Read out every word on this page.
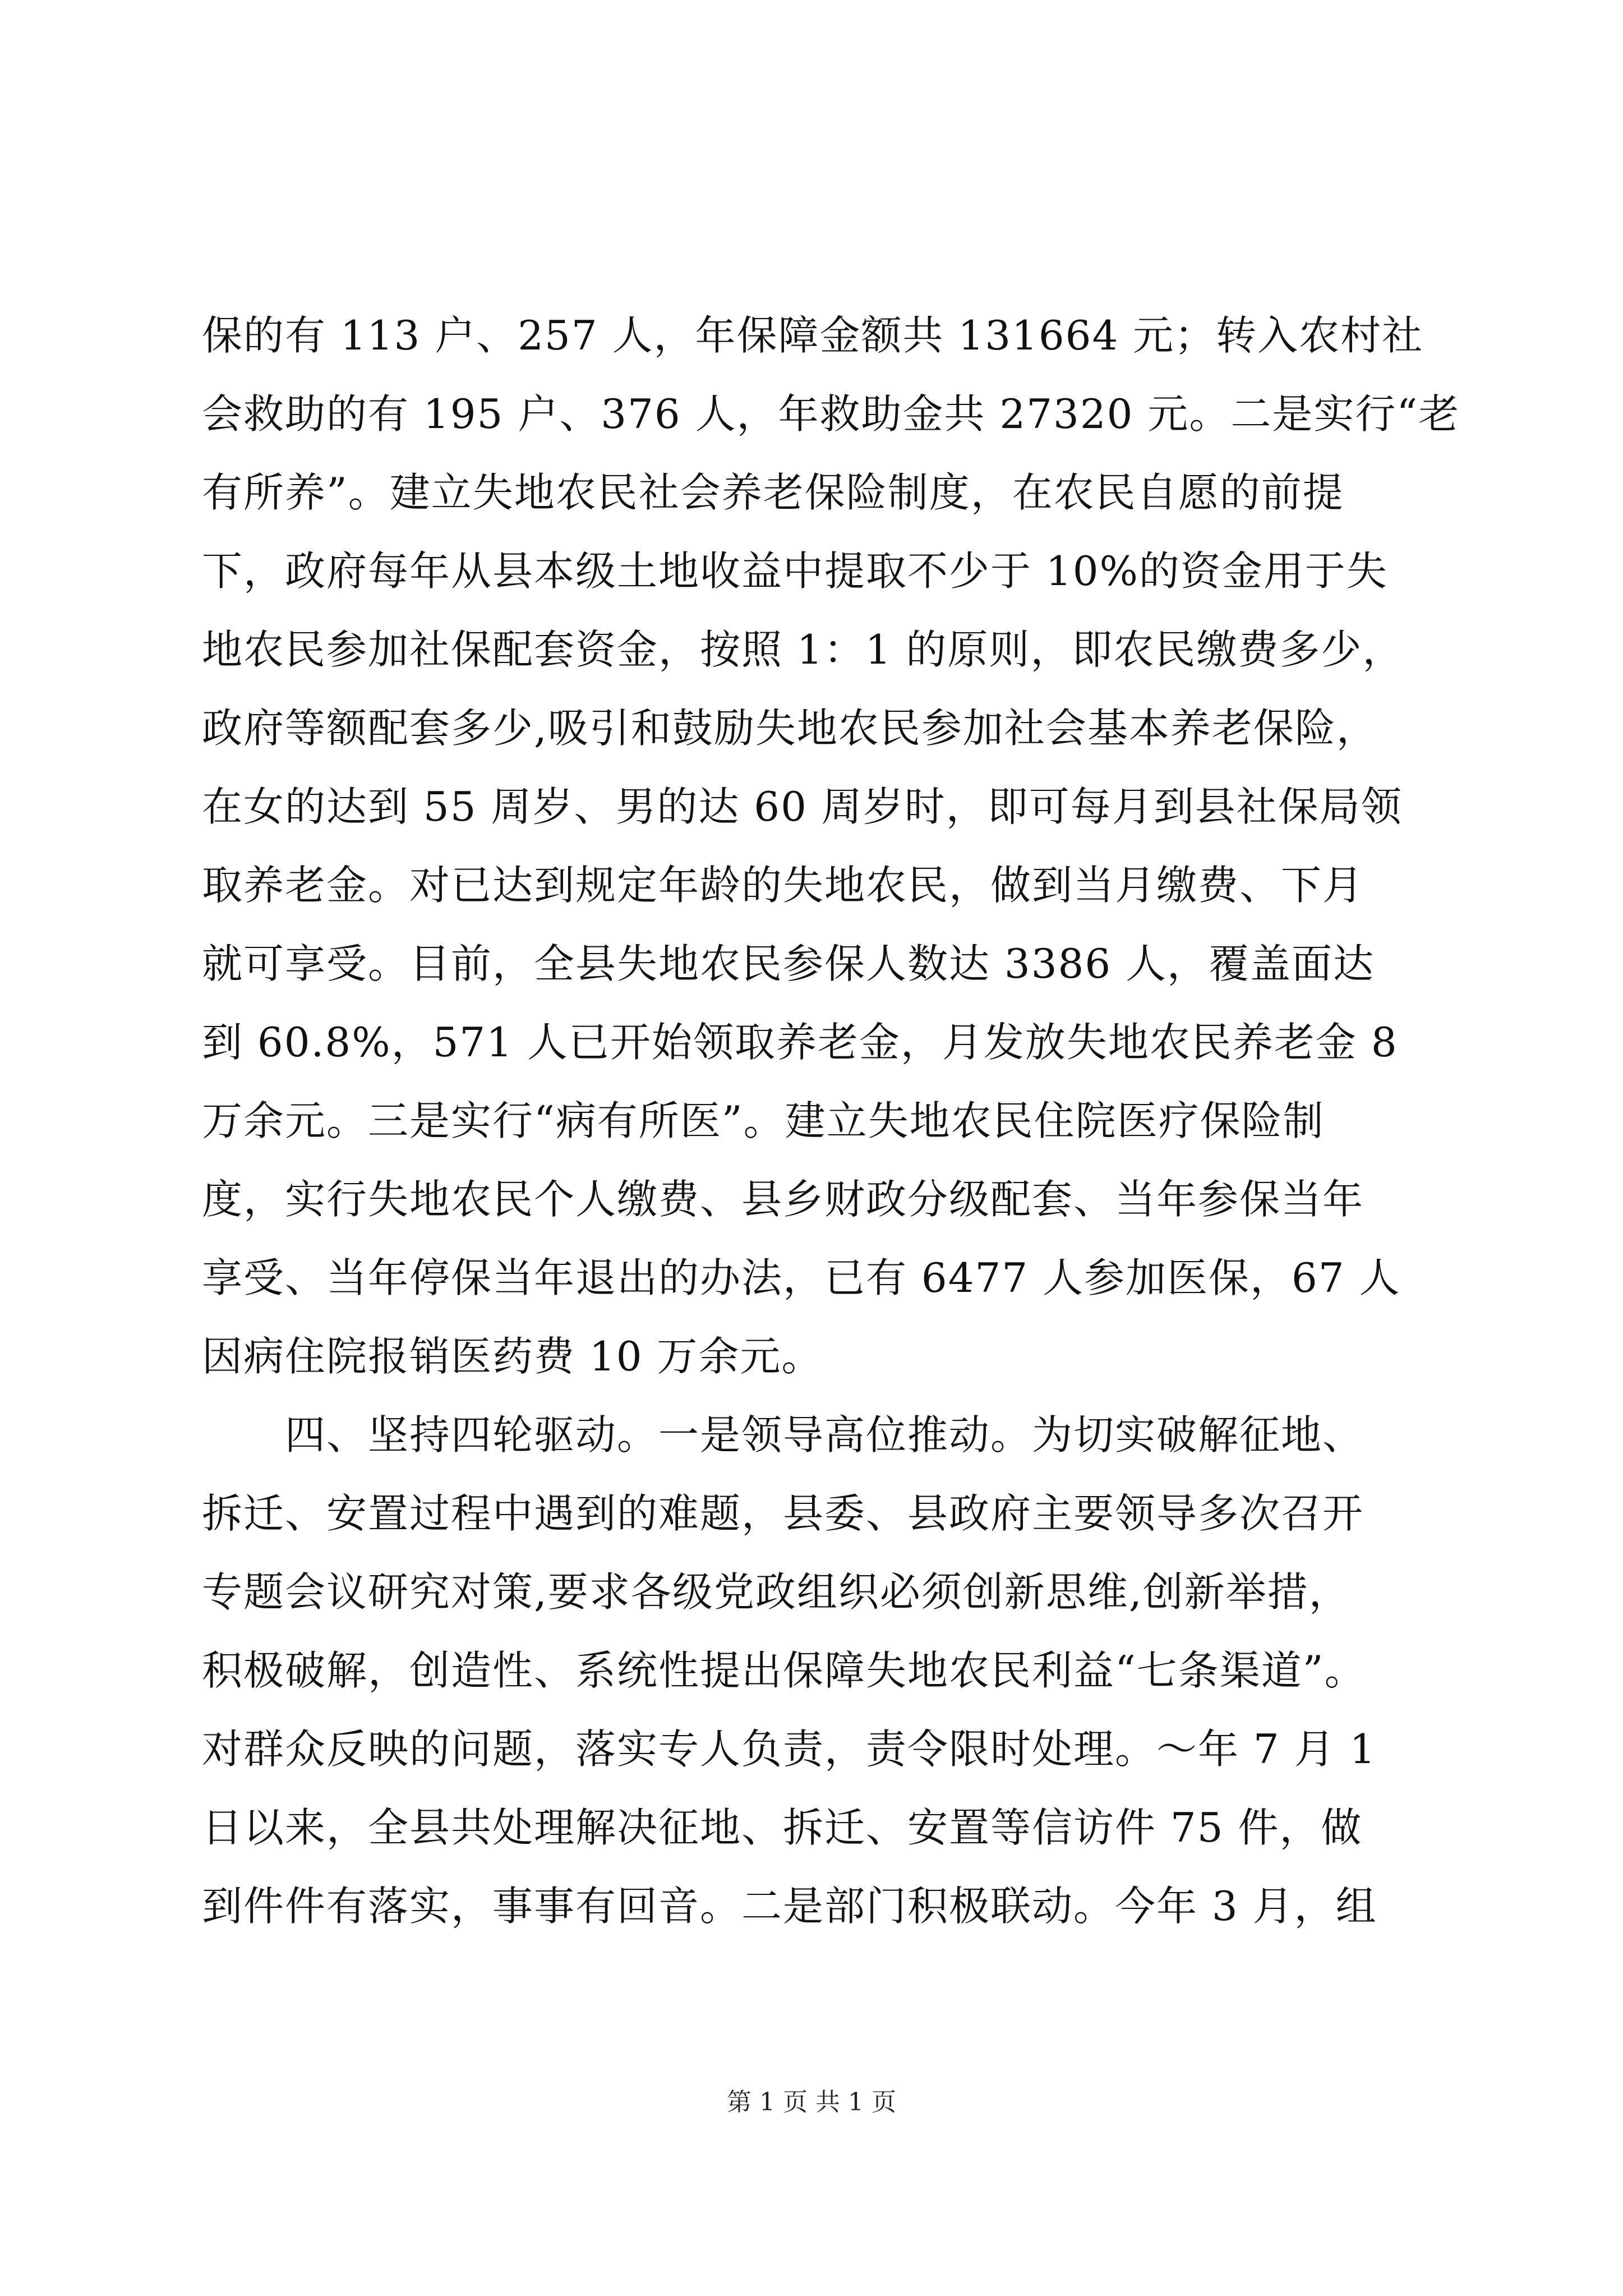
保的有 113 户、257 人，年保障金额共 131664 元；转入农村社
会救助的有 195 户、376 人，年救助金共 27320 元。二是实行“老
有所养”。建立失地农民社会养老保险制度，在农民自愿的前提
下，政府每年从县本级土地收益中提取不少于 10%的资金用于失
地农民参加社保配套资金，按照 1：1 的原则，即农民缴费多少，
政府等额配套多少,吸引和鼓励失地农民参加社会基本养老保险，
在女的达到 55 周岁、男的达 60 周岁时，即可每月到县社保局领
取养老金。对已达到规定年龄的失地农民，做到当月缴费、下月
就可享受。目前，全县失地农民参保人数达 3386 人，覆盖面达
到 60.8%，571 人已开始领取养老金，月发放失地农民养老金 8
万余元。三是实行“病有所医”。建立失地农民住院医疗保险制
度，实行失地农民个人缴费、县乡财政分级配套、当年参保当年
享受、当年停保当年退出的办法，已有 6477 人参加医保，67 人
因病住院报销医药费 10 万余元。
　　四、坚持四轮驱动。一是领导高位推动。为切实破解征地、
拆迁、安置过程中遇到的难题，县委、县政府主要领导多次召开
专题会议研究对策,要求各级党政组织必须创新思维,创新举措，
积极破解，创造性、系统性提出保障失地农民利益“七条渠道”。
对群众反映的问题，落实专人负责，责令限时处理。～年 7 月 1
日以来，全县共处理解决征地、拆迁、安置等信访件 75 件，做
到件件有落实，事事有回音。二是部门积极联动。今年 3 月，组
第 1 页 共 1 页
